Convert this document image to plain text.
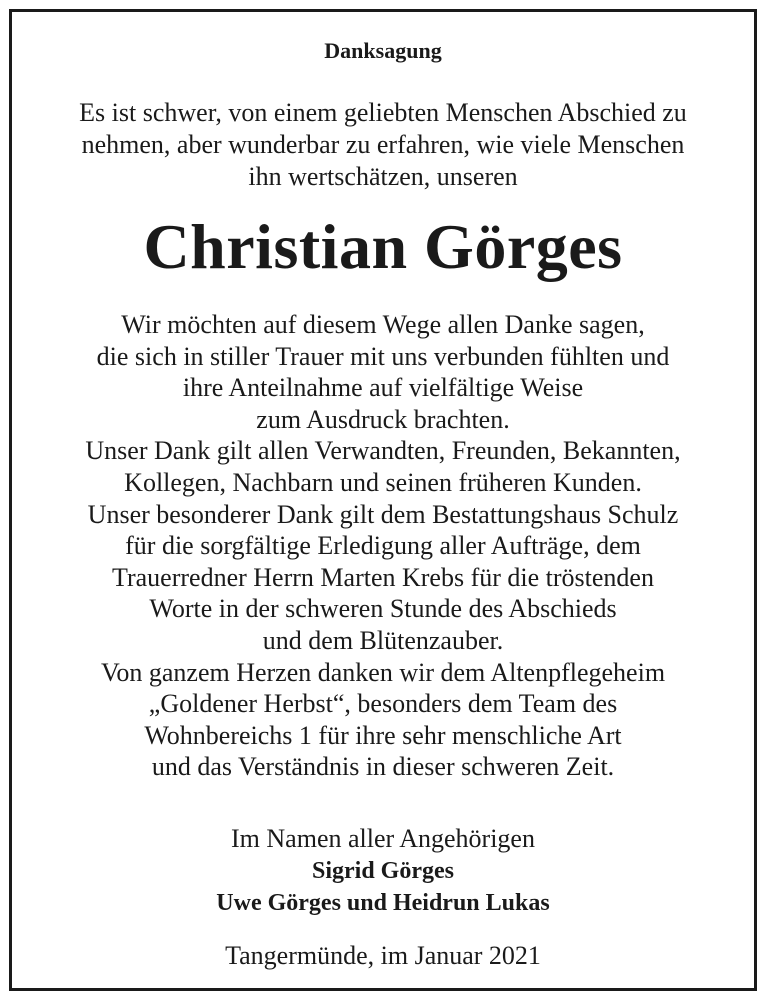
Danksagung
Es ist schwer, von einem geliebten Menschen Abschied zu
nehmen, aber wunderbar zu erfahren, wie viele Menschen
ihn wertschätzen, unseren
Christian Görges
Wir möchten auf diesem Wege allen Danke sagen,
die sich in stiller Trauer mit uns verbunden fühlten und
ihre Anteilnahme auf vielfältige Weise
zum Ausdruck brachten.
Unser Dank gilt allen Verwandten, Freunden, Bekannten,
Kollegen, Nachbarn und seinen früheren Kunden.
Unser besonderer Dank gilt dem Bestattungshaus Schulz
für die sorgfältige Erledigung aller Aufträge, dem
Trauerredner Herrn Marten Krebs für die tröstenden
Worte in der schweren Stunde des Abschieds
und dem Blütenzauber.
Von ganzem Herzen danken wir dem Altenpflegeheim
„Goldener Herbst“, besonders dem Team des
Wohnbereichs 1 für ihre sehr menschliche Art
und das Verständnis in dieser schweren Zeit.
Im Namen aller Angehörigen
Sigrid Görges
Uwe Görges und Heidrun Lukas
Tangermünde, im Januar 2021
